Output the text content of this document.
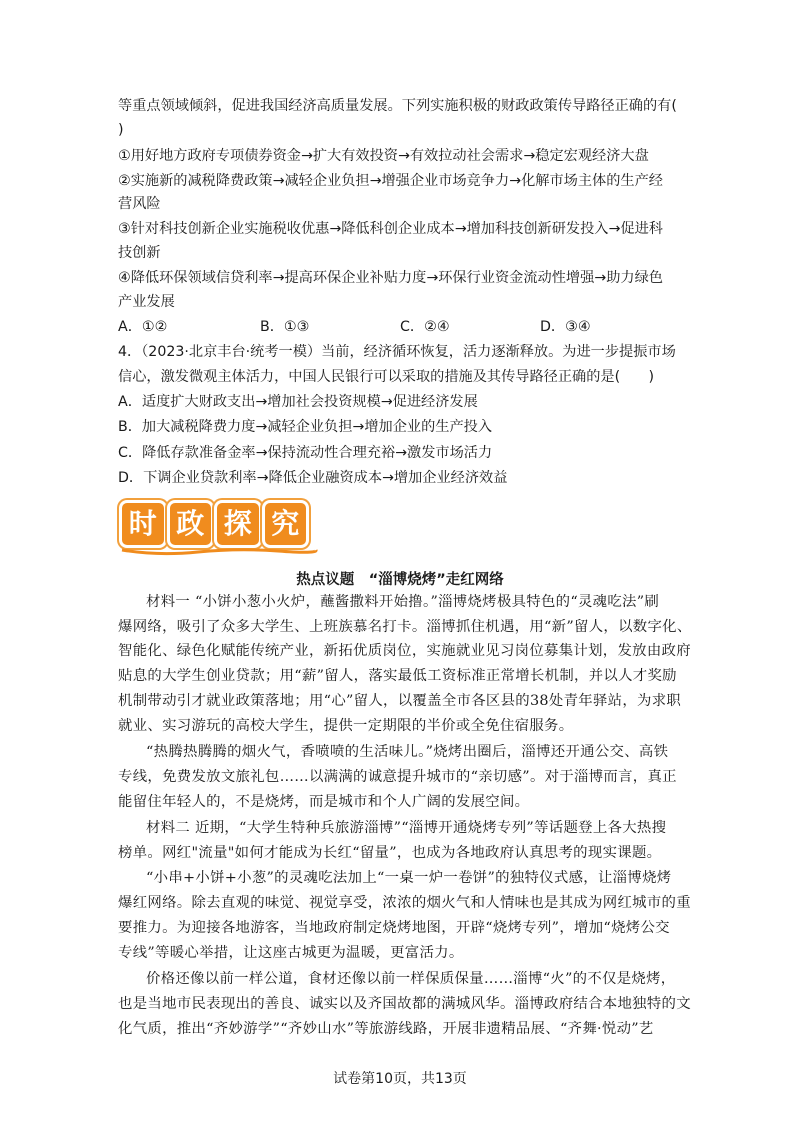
等重点领域倾斜，促进我国经济高质量发展。下列实施积极的财政政策传导路径正确的有(
)
①用好地方政府专项债券资金→扩大有效投资→有效拉动社会需求→稳定宏观经济大盘
②实施新的减税降费政策→减轻企业负担→增强企业市场竞争力→化解市场主体的生产经
营风险
③针对科技创新企业实施税收优惠→降低科创企业成本→增加科技创新研发投入→促进科
技创新
④降低环保领域信贷利率→提高环保企业补贴力度→环保行业资金流动性增强→助力绿色
产业发展
A．①②	B．①③	C．②④	D．③④
4．（2023·北京丰台·统考一模）当前，经济循环恢复，活力逐渐释放。为进一步提振市场
信心，激发微观主体活力，中国人民银行可以采取的措施及其传导路径正确的是(　　)
A．适度扩大财政支出→增加社会投资规模→促进经济发展
B．加大减税降费力度→减轻企业负担→增加企业的生产投入
C．降低存款准备金率→保持流动性合理充裕→激发市场活力
D．下调企业贷款利率→降低企业融资成本→增加企业经济效益
时 政 探 究
热点议题　“淄博烧烤”走红网络
材料一 “小饼小葱小火炉，蘸酱撒料开始撸。”淄博烧烤极具特色的“灵魂吃法”刷
爆网络，吸引了众多大学生、上班族慕名打卡。淄博抓住机遇，用“新”留人，以数字化、
智能化、绿色化赋能传统产业，新拓优质岗位，实施就业见习岗位募集计划，发放由政府
贴息的大学生创业贷款；用“薪”留人，落实最低工资标准正常增长机制，并以人才奖励
机制带动引才就业政策落地；用“心”留人，以覆盖全市各区县的38处青年驿站，为求职
就业、实习游玩的高校大学生，提供一定期限的半价或全免住宿服务。
“热腾热腾腾的烟火气，香喷喷的生活味儿。”烧烤出圈后，淄博还开通公交、高铁
专线，免费发放文旅礼包……以满满的诚意提升城市的“亲切感”。对于淄博而言，真正
能留住年轻人的，不是烧烤，而是城市和个人广阔的发展空间。
材料二 近期，“大学生特种兵旅游淄博”“淄博开通烧烤专列”等话题登上各大热搜
榜单。网红"流量"如何才能成为长红“留量”，也成为各地政府认真思考的现实课题。
“小串+小饼+小葱”的灵魂吃法加上“一桌一炉一卷饼”的独特仪式感，让淄博烧烤
爆红网络。除去直观的味觉、视觉享受，浓浓的烟火气和人情味也是其成为网红城市的重
要推力。为迎接各地游客，当地政府制定烧烤地图，开辟“烧烤专列”，增加“烧烤公交
专线”等暖心举措，让这座古城更为温暖，更富活力。
价格还像以前一样公道，食材还像以前一样保质保量……淄博“火”的不仅是烧烤，
也是当地市民表现出的善良、诚实以及齐国故都的满城风华。淄博政府结合本地独特的文
化气质，推出“齐妙游学”“齐妙山水”等旅游线路，开展非遗精品展、“齐舞·悦动”艺
试卷第10页，共13页
